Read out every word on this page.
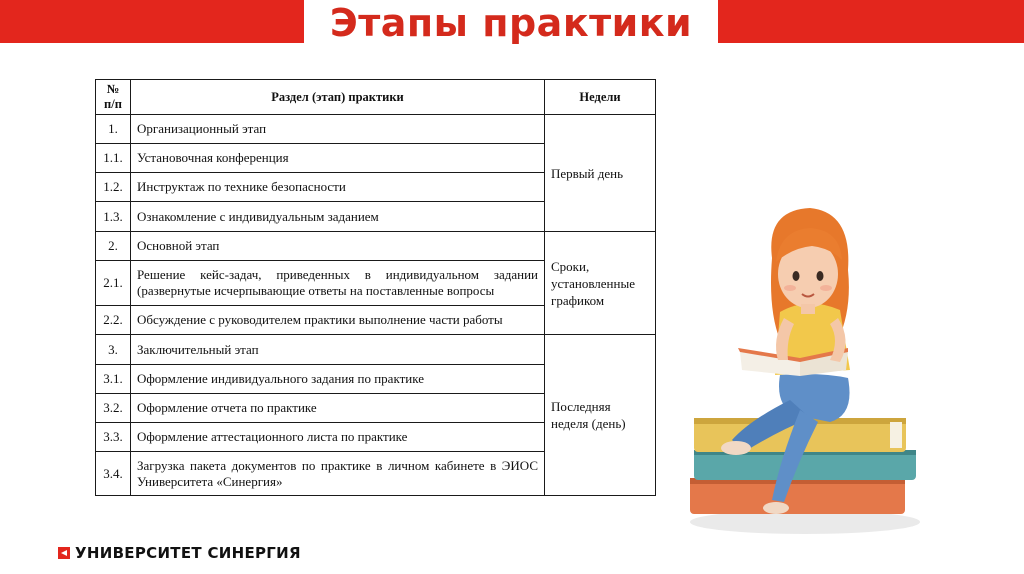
Этапы практики
№ п/п	Раздел (этап) практики	Недели
1.	Организационный этап	Первый день
1.1.	Установочная конференция	
1.2.	Инструктаж по технике безопасности	
1.3.	Ознакомление с индивидуальным заданием	
2.	Основной этап	Сроки, установленные графиком
2.1.	Решение кейс-задач, приведенных в индивидуальном задании (развернутые исчерпывающие ответы на поставленные вопросы	
2.2.	Обсуждение с руководителем практики выполнение части работы	
3.	Заключительный этап	Последняя неделя (день)
3.1.	Оформление индивидуального задания по практике	
3.2.	Оформление отчета по практике	
3.3.	Оформление аттестационного листа по практике	
3.4.	Загрузка пакета документов по практике в личном кабинете в ЭИОС Университета «Синергия»	
УНИВЕРСИТЕТ СИНЕРГИЯ
